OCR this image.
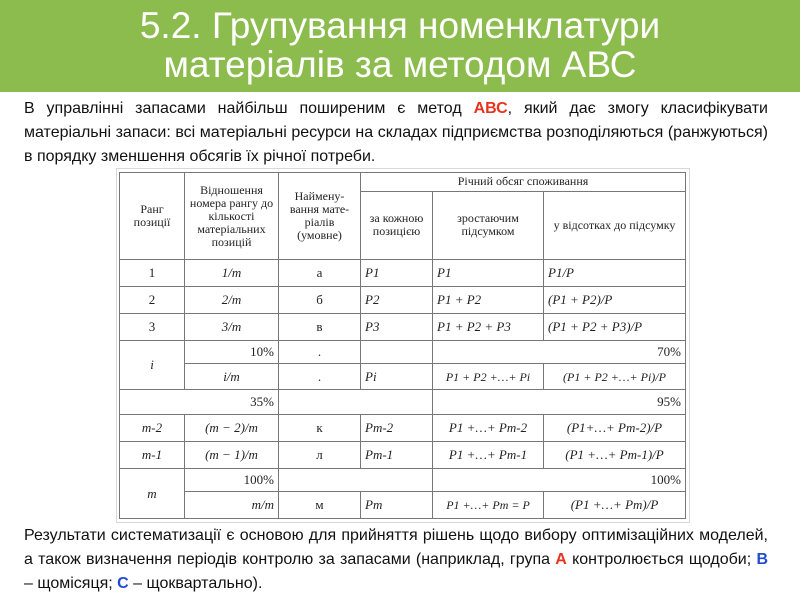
5.2. Групування номенклатури
матеріалів за методом АВС
В управлінні запасами найбільш поширеним є метод АВС, який дає змогу класифікувати матеріальні запаси: всі матеріальні ресурси на складах підприємства розподіляються (ранжуються) в порядку зменшення обсягів їх річної потреби.
Ранг позиції	Відношення номера рангу до кількості матеріальних позицій	Наймену-вання мате-ріалів (умовне)	Річний обсяг споживання		
			за кожною позицією	зростаючим підсумком	у відсотках до підсумку
1	1/m	а	P1	P1	P1/P
2	2/m	б	P2	P1 + P2	(P1 + P2)/P
3	3/m	в	P3	P1 + P2 + P3	(P1 + P2 + P3)/P
i	10%	.		70%	
	i/m	.	Pi	P1 + P2 +…+ Pi	(P1 + P2 +…+ Pi)/P
35%				95%	
m-2	(m − 2)/m	к	Pm-2	P1 +…+ Pm-2	(P1+…+ Pm-2)/P
m-1	(m − 1)/m	л	Pm-1	P1 +…+ Pm-1	(P1 +…+ Pm-1)/P
m	100%			100%	
	m/m	м	Pm	P1 +…+ Pm = P	(P1 +…+ Pm)/P
Результати систематизації є основою для прийняття рішень щодо вибору оптимізаційних моделей, а також визначення періодів контролю за запасами (наприклад, група А контролюється щодоби; В – щомісяця; С – щоквартально).
